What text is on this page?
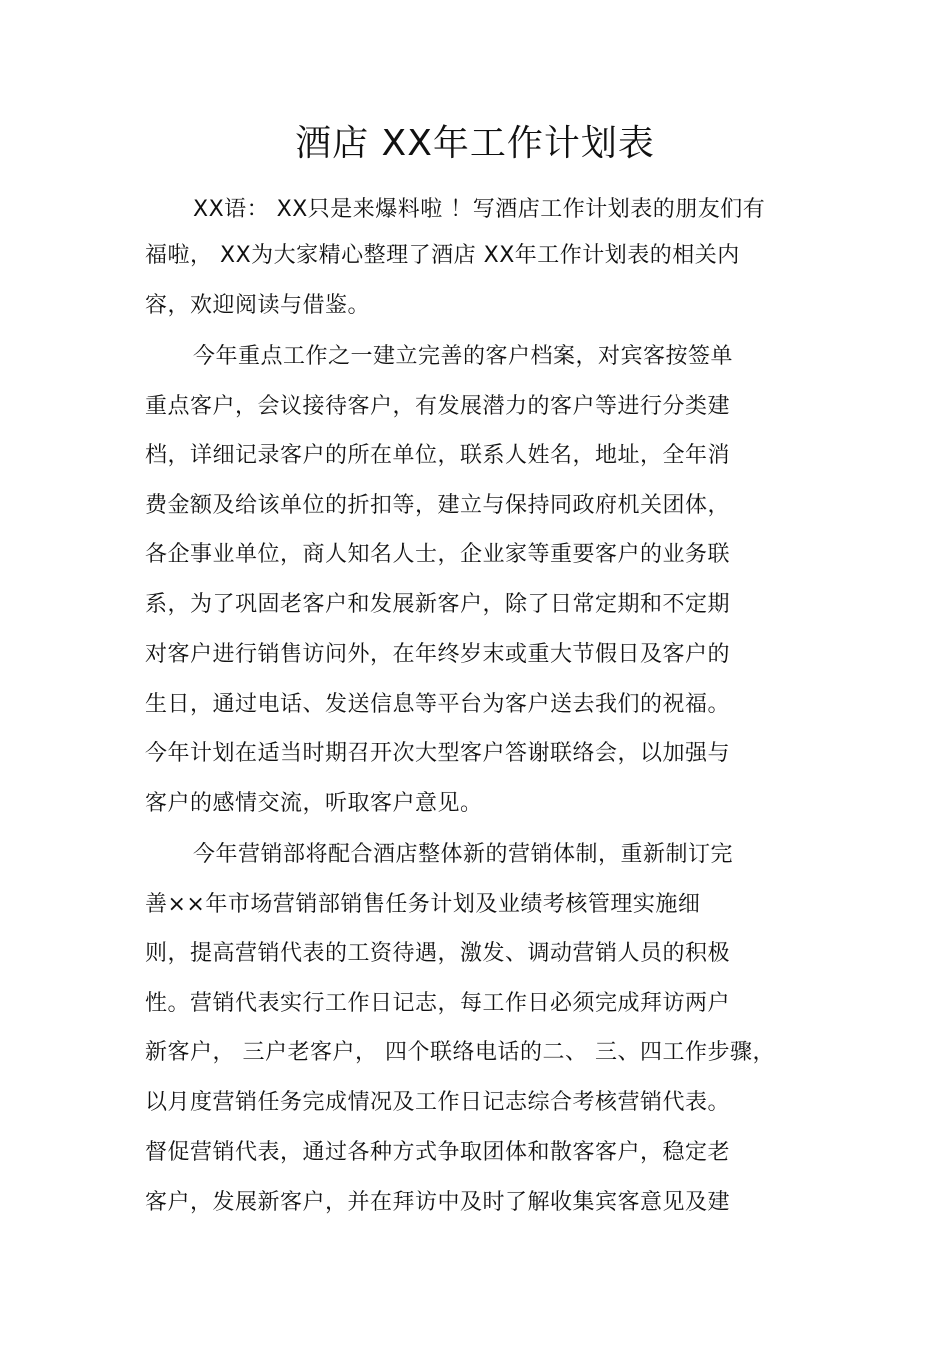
酒店 XX年工作计划表
XX语： XX只是来爆料啦 ！写酒店工作计划表的朋友们有
福啦， XX为大家精心整理了酒店 XX年工作计划表的相关内
容，欢迎阅读与借鉴。
今年重点工作之一建立完善的客户档案，对宾客按签单
重点客户，会议接待客户，有发展潜力的客户等进行分类建
档，详细记录客户的所在单位，联系人姓名，地址，全年消
费金额及给该单位的折扣等，建立与保持同政府机关团体，
各企事业单位，商人知名人士，企业家等重要客户的业务联
系，为了巩固老客户和发展新客户，除了日常定期和不定期
对客户进行销售访问外，在年终岁末或重大节假日及客户的
生日，通过电话、发送信息等平台为客户送去我们的祝福。
今年计划在适当时期召开次大型客户答谢联络会，以加强与
客户的感情交流，听取客户意见。
今年营销部将配合酒店整体新的营销体制，重新制订完
善××年市场营销部销售任务计划及业绩考核管理实施细
则，提高营销代表的工资待遇，激发、调动营销人员的积极
性。营销代表实行工作日记志，每工作日必须完成拜访两户
新客户， 三户老客户， 四个联络电话的二、 三、四工作步骤，
以月度营销任务完成情况及工作日记志综合考核营销代表。
督促营销代表，通过各种方式争取团体和散客客户，稳定老
客户，发展新客户，并在拜访中及时了解收集宾客意见及建
